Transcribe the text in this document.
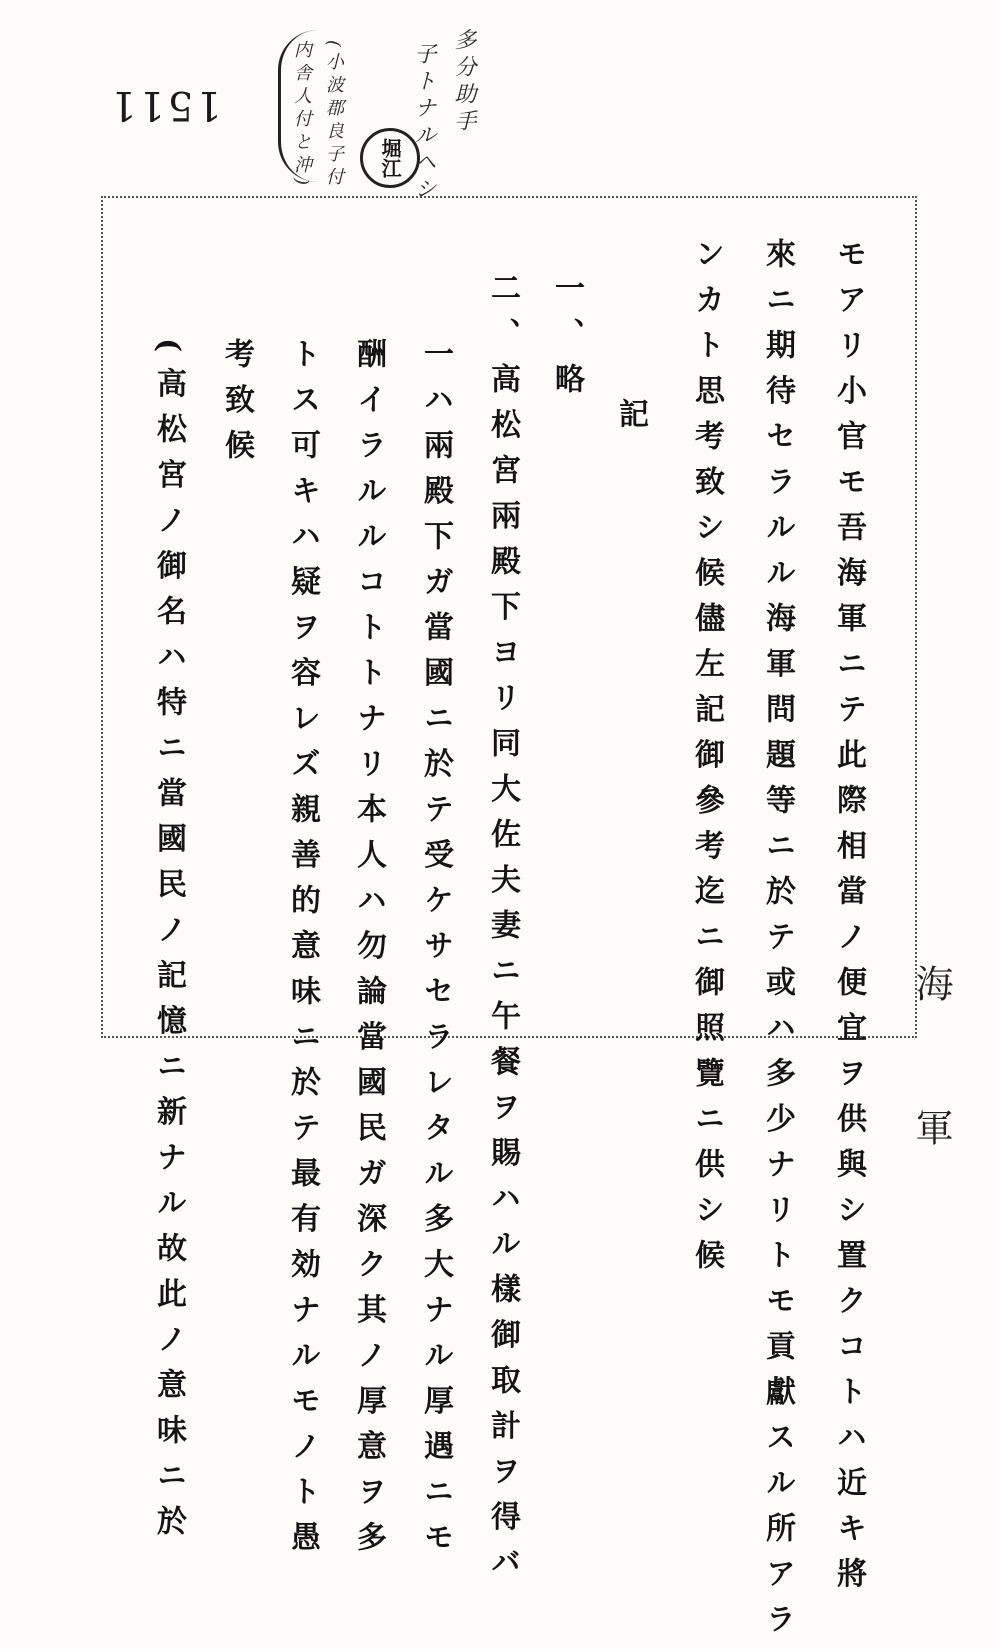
1511	多分助手
子トナルヘシ
(小波郡良子付
内舎人付と沖)	堀江
モアリ小官モ吾海軍ニテ此際相當ノ便宜ヲ供與シ置クコトハ近キ將
來ニ期待セラルル海軍問題等ニ於テ或ハ多少ナリトモ貢獻スル所アラ
ンカト思考致シ候儘左記御參考迄ニ御照覽ニ供シ候
記
一、略
二、高松宮兩殿下ヨリ同大佐夫妻ニ午餐ヲ賜ハル樣御取計ヲ得バ
一ハ兩殿下ガ當國ニ於テ受ケサセラレタル多大ナル厚遇ニモ
酬イラルルコトトナリ本人ハ勿論當國民ガ深ク其ノ厚意ヲ多
トス可キハ疑ヲ容レズ親善的意味ニ於テ最有効ナルモノト愚
考致候
(高松宮ノ御名ハ特ニ當國民ノ記憶ニ新ナル故此ノ意味ニ於	海
軍
